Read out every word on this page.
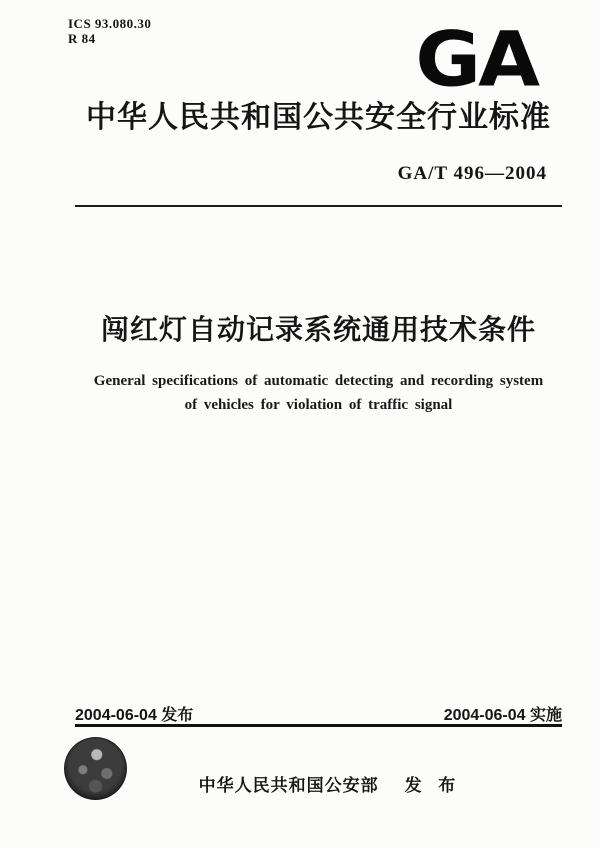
ICS 93.080.30
R 84	GA
中华人民共和国公共安全行业标准
GA/T 496—2004
闯红灯自动记录系统通用技术条件
General specifications of automatic detecting and recording system
of vehicles for violation of traffic signal
2004-06-04 发布	2004-06-04 实施

中华人民共和国公安部 发 布
